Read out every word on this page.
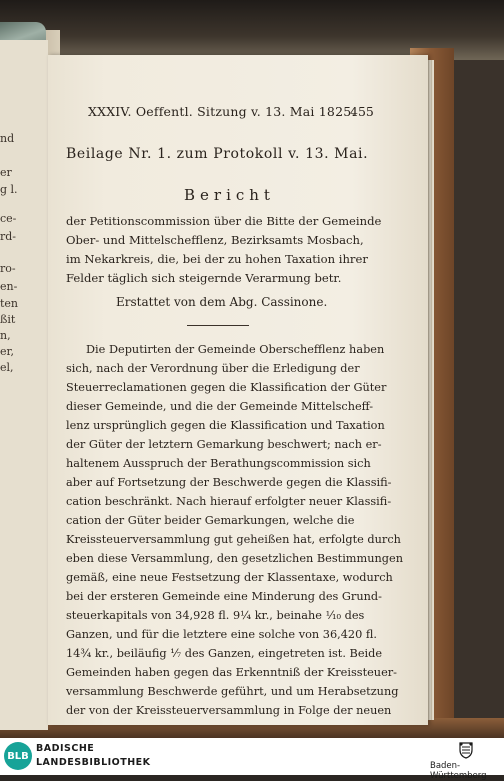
nd
er
g l.
ce-
rd-
ro-
en-
ten
ßit
n,
er,
el,
XXXIV. Oeffentl. Sitzung v. 13. Mai 1825.
455
Beilage Nr. 1. zum Protokoll v. 13. Mai.
Bericht
der Petitionscommission über die Bitte der Gemeinde
Ober- und Mittelschefflenz, Bezirksamts Mosbach,
im Nekarkreis, die, bei der zu hohen Taxation ihrer
Felder täglich sich steigernde Verarmung betr.
Erstattet von dem Abg. Cassinone.
Die Deputirten der Gemeinde Oberschefflenz haben
sich, nach der Verordnung über die Erledigung der
Steuerreclamationen gegen die Klassification der Güter
dieser Gemeinde, und die der Gemeinde Mittelscheff-
lenz ursprünglich gegen die Klassification und Taxation
der Güter der letztern Gemarkung beschwert; nach er-
haltenem Ausspruch der Berathungscommission sich
aber auf Fortsetzung der Beschwerde gegen die Klassifi-
cation beschränkt. Nach hierauf erfolgter neuer Klassifi-
cation der Güter beider Gemarkungen, welche die
Kreissteuerversammlung gut geheißen hat, erfolgte durch
eben diese Versammlung, den gesetzlichen Bestimmungen
gemäß, eine neue Festsetzung der Klassentaxe, wodurch
bei der ersteren Gemeinde eine Minderung des Grund-
steuerkapitals von 34,928 fl. 9¼ kr., beinahe ¹⁄₁₀ des
Ganzen, und für die letztere eine solche von 36,420 fl.
14¾ kr., beiläufig ⅐ des Ganzen, eingetreten ist. Beide
Gemeinden haben gegen das Erkenntniß der Kreissteuer-
versammlung Beschwerde geführt, und um Herabsetzung
der von der Kreissteuerversammlung in Folge der neuen
BLB
BADISCHE
LANDESBIBLIOTHEK	Baden-Württemberg
